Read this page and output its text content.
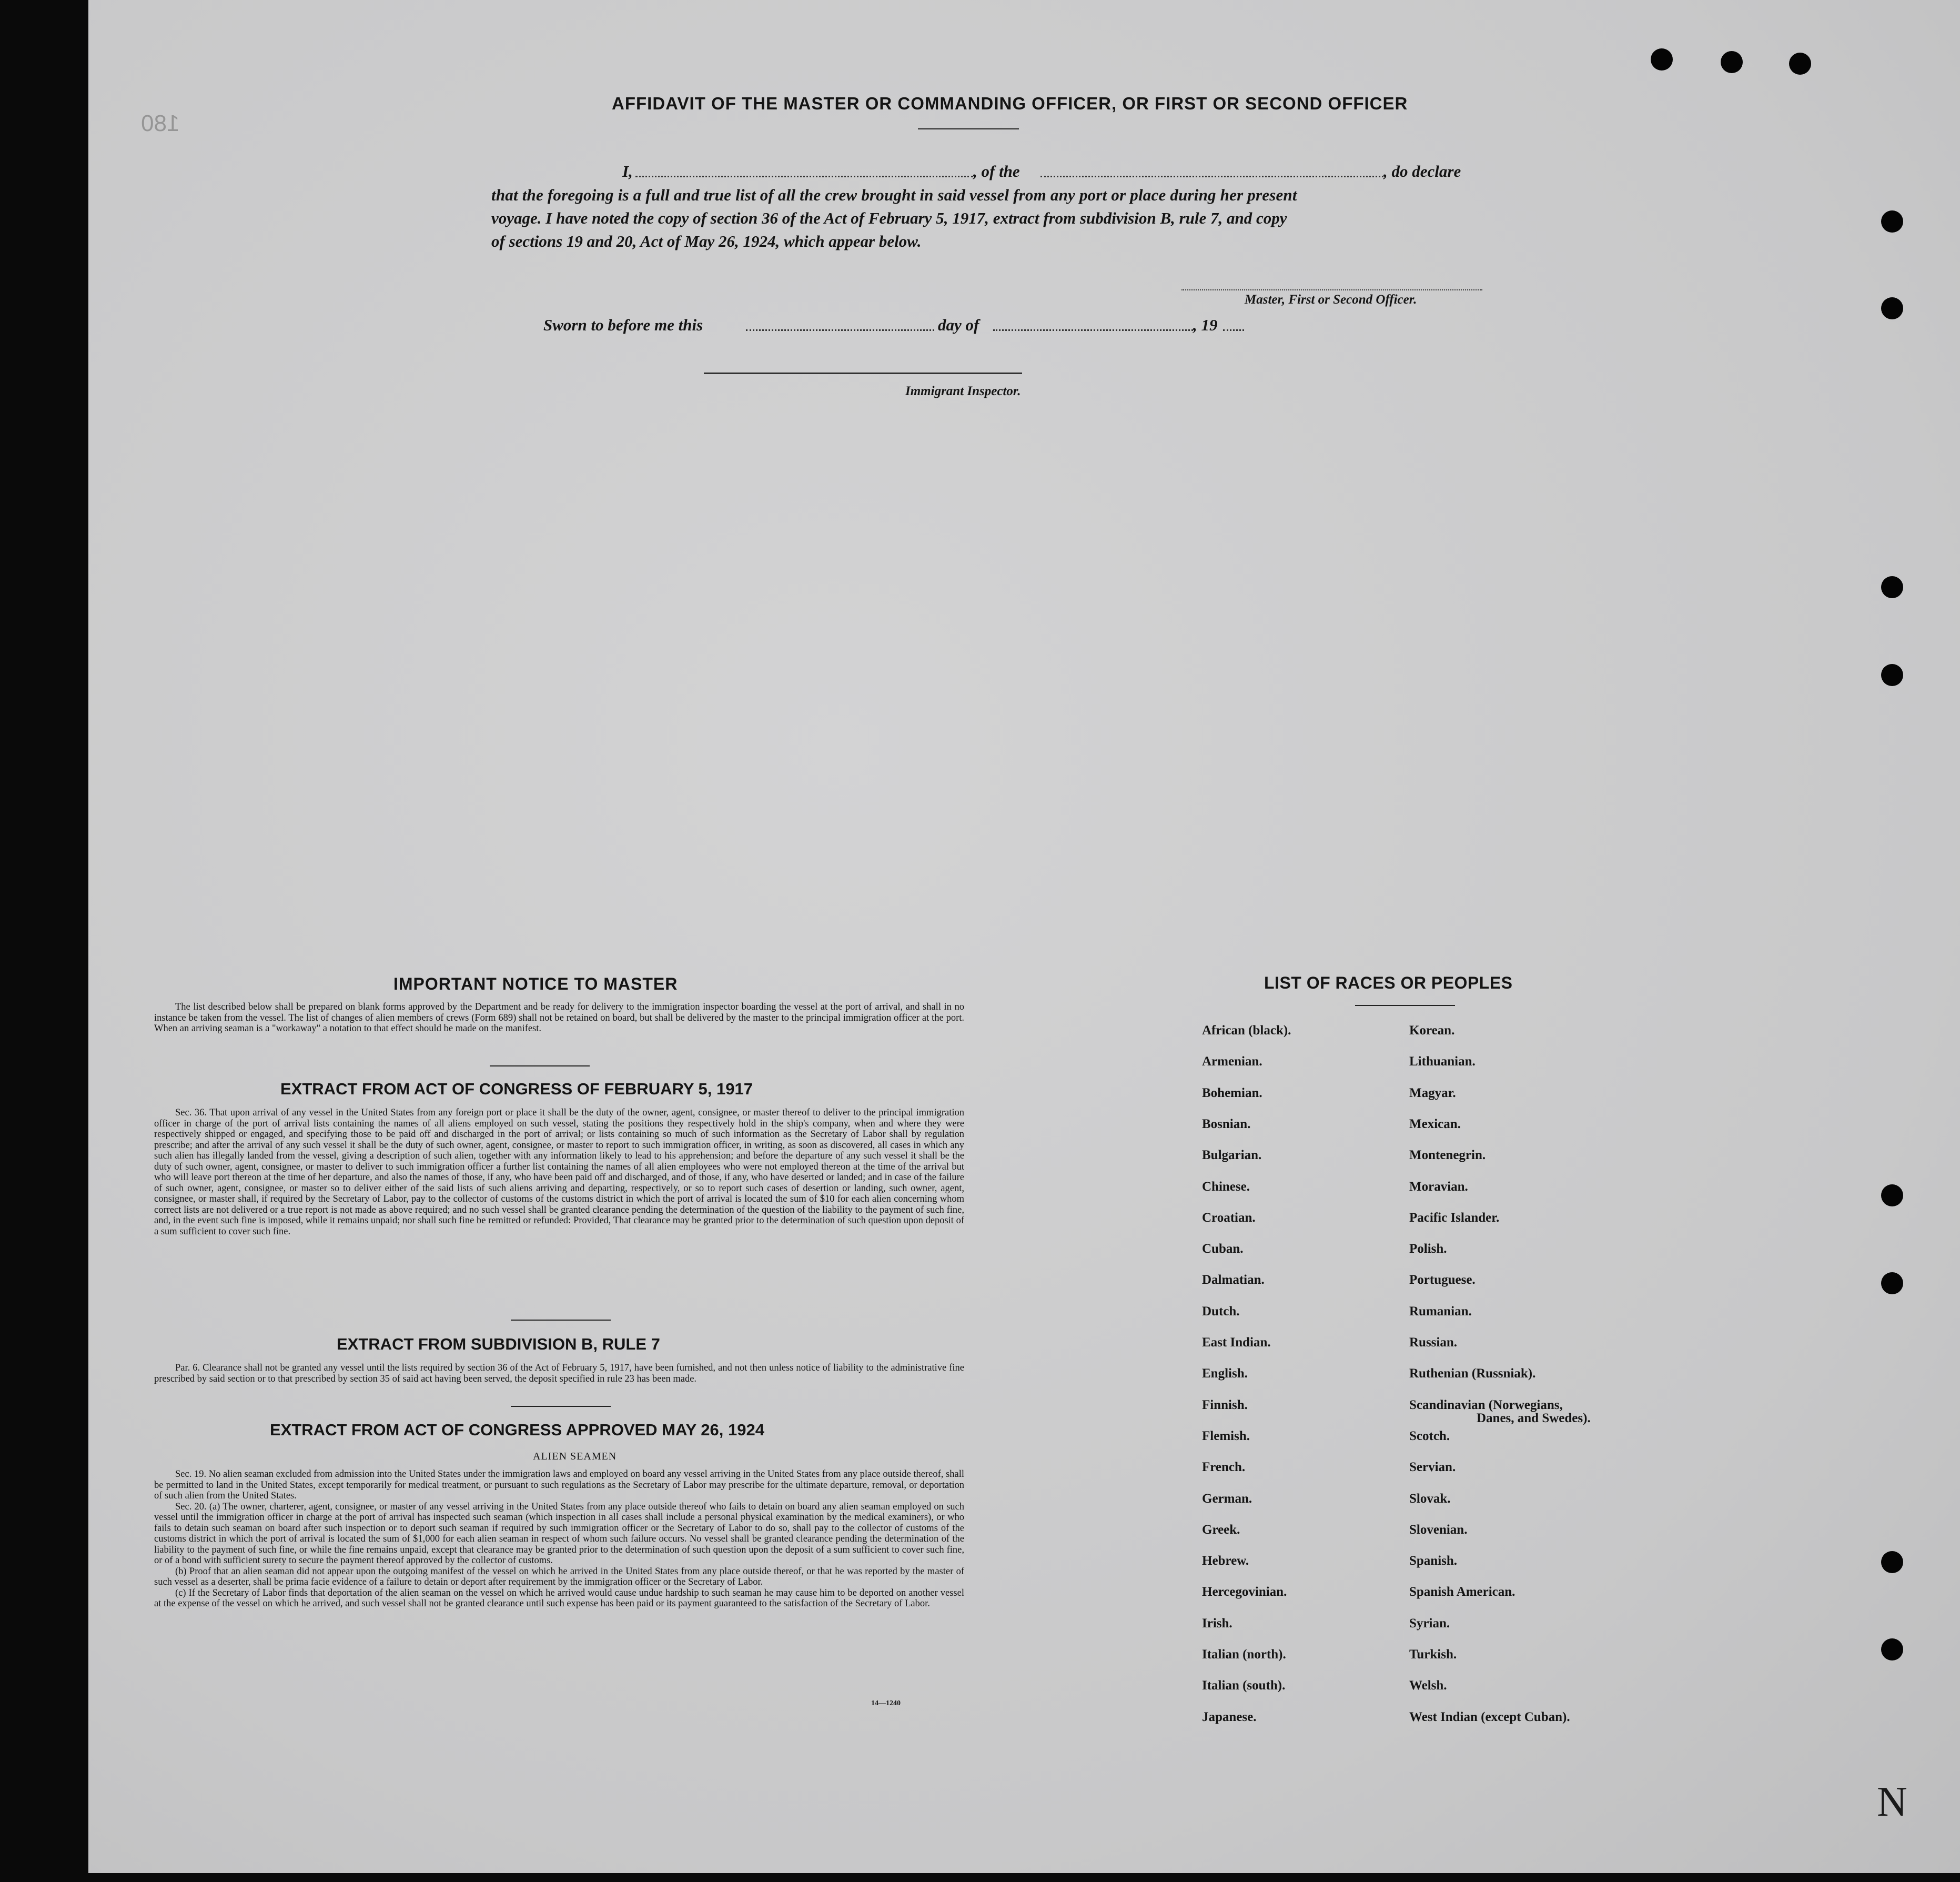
180
N
AFFIDAVIT OF THE MASTER OR COMMANDING OFFICER, OR FIRST OR SECOND OFFICER
I,	, of the	, do declare
that the foregoing is a full and true list of all the crew brought in said vessel from any port or place during her present
voyage. I have noted the copy of section 36 of the Act of February 5, 1917, extract from subdivision B, rule 7, and copy
of sections 19 and 20, Act of May 26, 1924, which appear below.
Master, First or Second Officer.
Sworn to before me this	day of	, 19
Immigrant Inspector.
IMPORTANT NOTICE TO MASTER

The list described below shall be prepared on blank forms approved by the Department and be ready for delivery to the immigration inspector boarding the vessel at the port of arrival, and shall in no instance be taken from the vessel. The list of changes of alien members of crews (Form 689) shall not be retained on board, but shall be delivered by the master to the principal immigration officer at the port. When an arriving seaman is a "workaway" a notation to that effect should be made on the manifest.

EXTRACT FROM ACT OF CONGRESS OF FEBRUARY 5, 1917

Sec. 36. That upon arrival of any vessel in the United States from any foreign port or place it shall be the duty of the owner, agent, consignee, or master thereof to deliver to the principal immigration officer in charge of the port of arrival lists containing the names of all aliens employed on such vessel, stating the positions they respectively hold in the ship's company, when and where they were respectively shipped or engaged, and specifying those to be paid off and discharged in the port of arrival; or lists containing so much of such information as the Secretary of Labor shall by regulation prescribe; and after the arrival of any such vessel it shall be the duty of such owner, agent, consignee, or master to report to such immigration officer, in writing, as soon as discovered, all cases in which any such alien has illegally landed from the vessel, giving a description of such alien, together with any information likely to lead to his apprehension; and before the departure of any such vessel it shall be the duty of such owner, agent, consignee, or master to deliver to such immigration officer a further list containing the names of all alien employees who were not employed thereon at the time of the arrival but who will leave port thereon at the time of her departure, and also the names of those, if any, who have been paid off and discharged, and of those, if any, who have deserted or landed; and in case of the failure of such owner, agent, consignee, or master so to deliver either of the said lists of such aliens arriving and departing, respectively, or so to report such cases of desertion or landing, such owner, agent, consignee, or master shall, if required by the Secretary of Labor, pay to the collector of customs of the customs district in which the port of arrival is located the sum of $10 for each alien concerning whom correct lists are not delivered or a true report is not made as above required; and no such vessel shall be granted clearance pending the determination of the question of the liability to the payment of such fine, and, in the event such fine is imposed, while it remains unpaid; nor shall such fine be remitted or refunded: Provided, That clearance may be granted prior to the determination of such question upon deposit of a sum sufficient to cover such fine.

EXTRACT FROM SUBDIVISION B, RULE 7

Par. 6. Clearance shall not be granted any vessel until the lists required by section 36 of the Act of February 5, 1917, have been furnished, and not then unless notice of liability to the administrative fine prescribed by said section or to that prescribed by section 35 of said act having been served, the deposit specified in rule 23 has been made.

EXTRACT FROM ACT OF CONGRESS APPROVED MAY 26, 1924
ALIEN SEAMEN

Sec. 19. No alien seaman excluded from admission into the United States under the immigration laws and employed on board any vessel arriving in the United States from any place outside thereof, shall be permitted to land in the United States, except temporarily for medical treatment, or pursuant to such regulations as the Secretary of Labor may prescribe for the ultimate departure, removal, or deportation of such alien from the United States.

Sec. 20. (a) The owner, charterer, agent, consignee, or master of any vessel arriving in the United States from any place outside thereof who fails to detain on board any alien seaman employed on such vessel until the immigration officer in charge at the port of arrival has inspected such seaman (which inspection in all cases shall include a personal physical examination by the medical examiners), or who fails to detain such seaman on board after such inspection or to deport such seaman if required by such immigration officer or the Secretary of Labor to do so, shall pay to the collector of customs of the customs district in which the port of arrival is located the sum of $1,000 for each alien seaman in respect of whom such failure occurs. No vessel shall be granted clearance pending the determination of the liability to the payment of such fine, or while the fine remains unpaid, except that clearance may be granted prior to the determination of such question upon the deposit of a sum sufficient to cover such fine, or of a bond with sufficient surety to secure the payment thereof approved by the collector of customs.

(b) Proof that an alien seaman did not appear upon the outgoing manifest of the vessel on which he arrived in the United States from any place outside thereof, or that he was reported by the master of such vessel as a deserter, shall be prima facie evidence of a failure to detain or deport after requirement by the immigration officer or the Secretary of Labor.

(c) If the Secretary of Labor finds that deportation of the alien seaman on the vessel on which he arrived would cause undue hardship to such seaman he may cause him to be deported on another vessel at the expense of the vessel on which he arrived, and such vessel shall not be granted clearance until such expense has been paid or its payment guaranteed to the satisfaction of the Secretary of Labor.

14—1240
LIST OF RACES OR PEOPLES
African (black).
Armenian.
Bohemian.
Bosnian.
Bulgarian.
Chinese.
Croatian.
Cuban.
Dalmatian.
Dutch.
East Indian.
English.
Finnish.
Flemish.
French.
German.
Greek.
Hebrew.
Hercegovinian.
Irish.
Italian (north).
Italian (south).
Japanese.
Korean.
Lithuanian.
Magyar.
Mexican.
Montenegrin.
Moravian.
Pacific Islander.
Polish.
Portuguese.
Rumanian.
Russian.
Ruthenian (Russniak).
Scandinavian (Norwegians,
Scotch.
Servian.
Slovak.
Slovenian.
Spanish.
Spanish American.
Syrian.
Turkish.
Welsh.
West Indian (except Cuban).
Danes, and Swedes).
